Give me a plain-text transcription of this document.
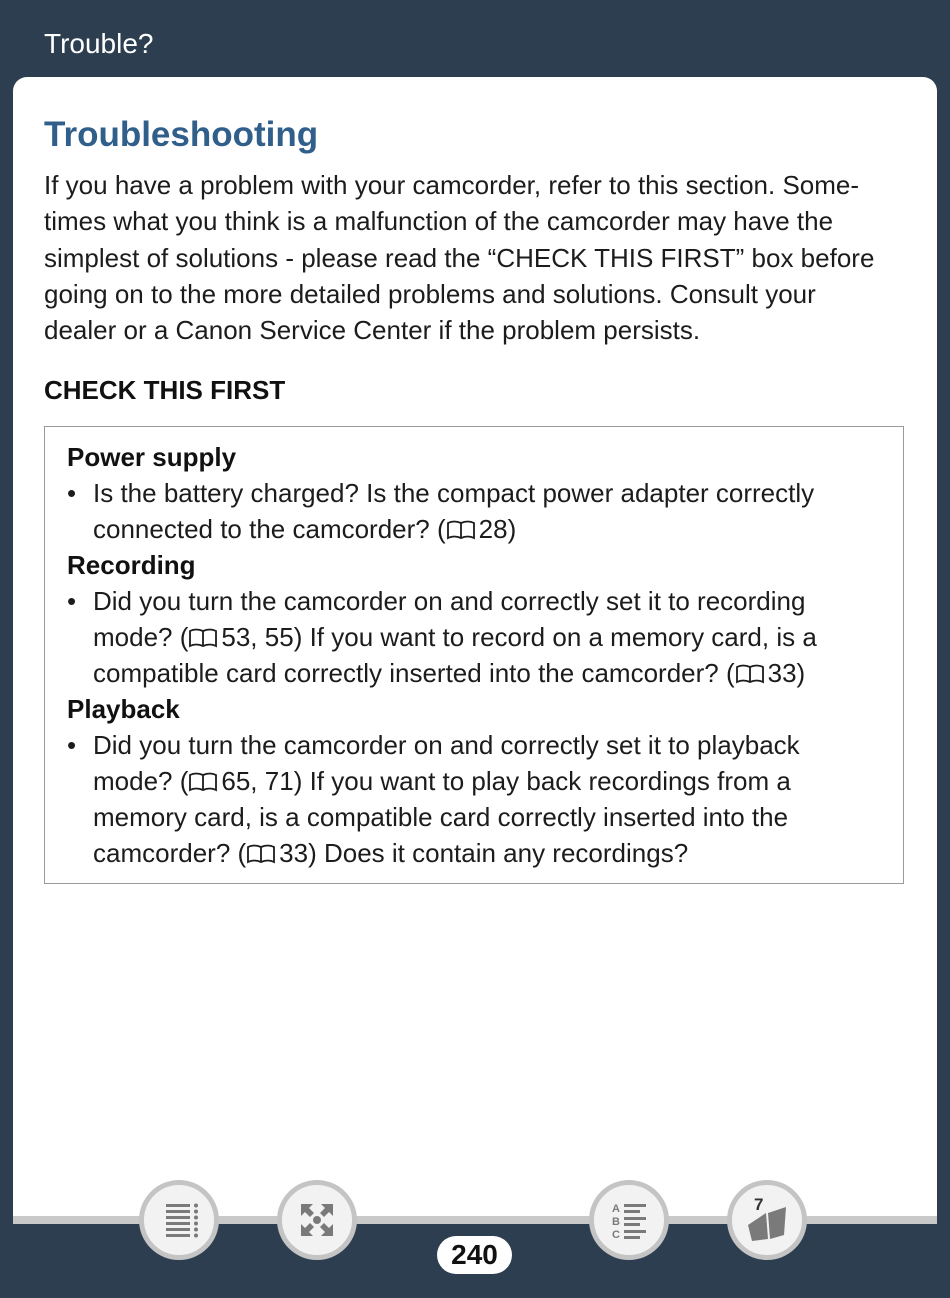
Trouble?
Troubleshooting

If you have a problem with your camcorder, refer to this section. Some-
times what you think is a malfunction of the camcorder may have the
simplest of solutions - please read the “CHECK THIS FIRST” box before
going on to the more detailed problems and solutions. Consult your
dealer or a Canon Service Center if the problem persists.

CHECK THIS FIRST

Power supply

• Is the battery charged? Is the compact power adapter correctly
connected to the camcorder? ( 28)

Recording

• Did you turn the camcorder on and correctly set it to recording
mode? ( 53, 55) If you want to record on a memory card, is a
compatible card correctly inserted into the camcorder? ( 33)

Playback

• Did you turn the camcorder on and correctly set it to playback
mode? ( 65, 71) If you want to play back recordings from a
memory card, is a compatible card correctly inserted into the
camcorder? ( 33) Does it contain any recordings?

240
A
B
C
7
